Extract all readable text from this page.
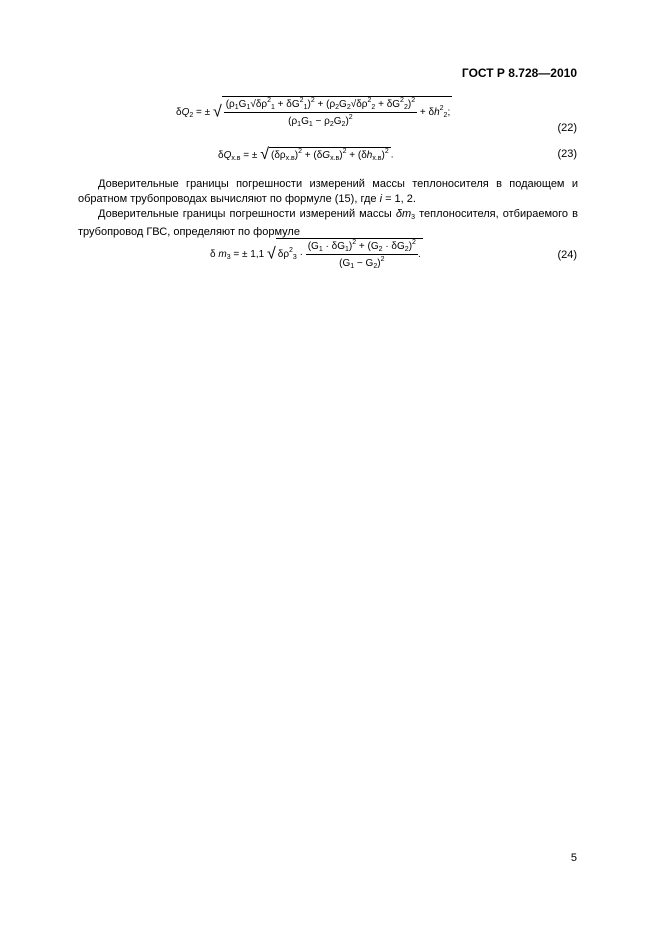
ГОСТ Р 8.728—2010
$\delta Q_2$ = ± √ $\frac{(\rho_1G_1√\delta\rho^2_1 + \delta G^2_1)^2 + (\rho_2G_2√\delta\rho^2_2 + \delta G^2_2)^2}{(\rho_1G_1 - \rho_2G_2)^2} + \delta h^2_2$;
(22)
$\delta Q_{х.в}$ = ± √ $(\delta\rho_{х.в})^2 + (\delta G_{х.в})^2 + (\delta h_{х.в})^2$ .	(23)

Доверительные границы погрешности измерений массы теплоносителя в подающем и обратном трубопроводах вычисляют по формуле (15), где i = 1, 2.

Доверительные границы погрешности измерений массы $\delta m_3$ теплоносителя, отбираемого в трубопровод ГВС, определяют по формуле

δ $m_3$ = ± 1,1 √ $\delta\rho^2_3 \cdot \frac{(G_1 \cdot \delta G_1)^2 + (G_2 \cdot \delta G_2)^2}{(G_1 - G_2)^2}$ .	(24)
5
